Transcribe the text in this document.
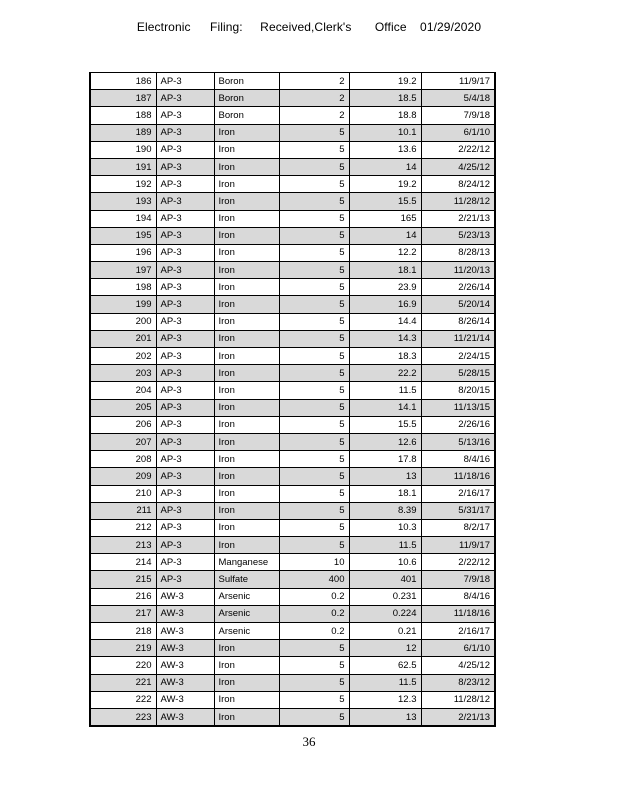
Electronic Filing: Received,Clerk's Office 01/29/2020
186	AP-3	Boron	2	19.2	11/9/17
187	AP-3	Boron	2	18.5	5/4/18
188	AP-3	Boron	2	18.8	7/9/18
189	AP-3	Iron	5	10.1	6/1/10
190	AP-3	Iron	5	13.6	2/22/12
191	AP-3	Iron	5	14	4/25/12
192	AP-3	Iron	5	19.2	8/24/12
193	AP-3	Iron	5	15.5	11/28/12
194	AP-3	Iron	5	165	2/21/13
195	AP-3	Iron	5	14	5/23/13
196	AP-3	Iron	5	12.2	8/28/13
197	AP-3	Iron	5	18.1	11/20/13
198	AP-3	Iron	5	23.9	2/26/14
199	AP-3	Iron	5	16.9	5/20/14
200	AP-3	Iron	5	14.4	8/26/14
201	AP-3	Iron	5	14.3	11/21/14
202	AP-3	Iron	5	18.3	2/24/15
203	AP-3	Iron	5	22.2	5/28/15
204	AP-3	Iron	5	11.5	8/20/15
205	AP-3	Iron	5	14.1	11/13/15
206	AP-3	Iron	5	15.5	2/26/16
207	AP-3	Iron	5	12.6	5/13/16
208	AP-3	Iron	5	17.8	8/4/16
209	AP-3	Iron	5	13	11/18/16
210	AP-3	Iron	5	18.1	2/16/17
211	AP-3	Iron	5	8.39	5/31/17
212	AP-3	Iron	5	10.3	8/2/17
213	AP-3	Iron	5	11.5	11/9/17
214	AP-3	Manganese	10	10.6	2/22/12
215	AP-3	Sulfate	400	401	7/9/18
216	AW-3	Arsenic	0.2	0.231	8/4/16
217	AW-3	Arsenic	0.2	0.224	11/18/16
218	AW-3	Arsenic	0.2	0.21	2/16/17
219	AW-3	Iron	5	12	6/1/10
220	AW-3	Iron	5	62.5	4/25/12
221	AW-3	Iron	5	11.5	8/23/12
222	AW-3	Iron	5	12.3	11/28/12
223	AW-3	Iron	5	13	2/21/13
36
